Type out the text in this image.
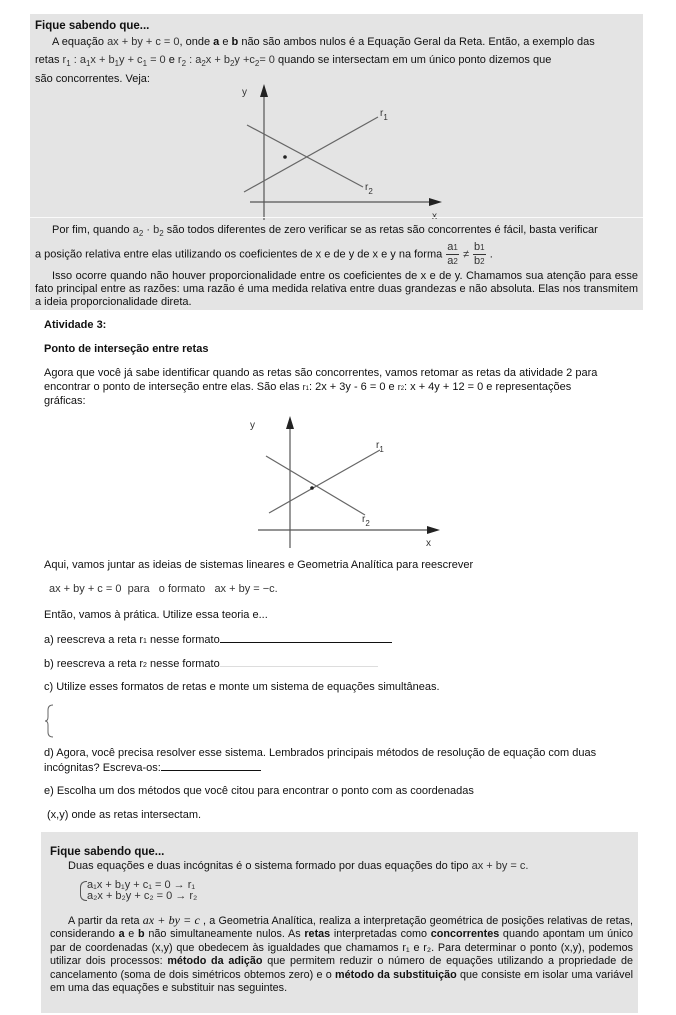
Fique sabendo que...
A equação ax + by + c = 0, onde a e b não são ambos nulos é a Equação Geral da Reta. Então, a exemplo das
retas $r_1$ : $a_1x + b_1y + c_1 = 0$ e $r_2$ : $a_2x + b_2y +c_2= 0$ quando se intersectam em um único ponto dizemos que
são concorrentes. Veja:
y
x
$r_1$
$r_2$
Por fim, quando $a_2 \cdot b_2$ são todos diferentes de zero verificar se as retas são concorrentes é fácil, basta verificar
a posição relativa entre elas utilizando os coeficientes de x e de y de x e y na forma $\frac{a1}{a2} \ne \frac{b1}{b2}$ .
Isso ocorre quando não houver proporcionalidade entre os coeficientes de x e de y. Chamamos sua atenção para esse fato principal entre as razões: uma razão é uma medida relativa entre duas grandezas e não absoluta. Elas nos transmitem a ideia proporcionalidade direta.
Atividade 3:
Ponto de interseção entre retas
Agora que você já sabe identificar quando as retas são concorrentes, vamos retomar as retas da atividade 2 para
encontrar o ponto de interseção entre elas. São elas r1: 2x + 3y - 6 = 0 e r2: x + 4y + 12 = 0 e representações
gráficas:
y
x
$r_1$
$r_2$
Aqui, vamos juntar as ideias de sistemas lineares e Geometria Analítica para reescrever
ax + by + c = 0 para o formato ax + by = −c.
Então, vamos à prática. Utilize essa teoria e...
a) reescreva a reta r1 nesse formato
b) reescreva a reta r2 nesse formato
c) Utilize esses formatos de retas e monte um sistema de equações simultâneas.
d) Agora, você precisa resolver esse sistema. Lembrados principais métodos de resolução de equação com duas
incógnitas? Escreva-os:
e) Escolha um dos métodos que você citou para encontrar o ponto com as coordenadas
(x,y) onde as retas intersectam.
Fique sabendo que...
Duas equações e duas incógnitas é o sistema formado por duas equações do tipo ax + by = c.
a₁x + b₁y + c₁ = 0 → r₁
a₂x + b₂y + c₂ = 0 → r₂
A partir da reta ax + by = c , a Geometria Analítica, realiza a interpretação geométrica de posições relativas de retas, considerando a e b não simultaneamente nulos. As retas interpretadas como concorrentes quando apontam um único par de coordenadas (x,y) que obedecem às igualdades que chamamos r₁ e r₂. Para determinar o ponto (x,y), podemos utilizar dois processos: método da adição que permitem reduzir o número de equações utilizando a propriedade de cancelamento (soma de dois simétricos obtemos zero) e o método da substituição que consiste em isolar uma variável em uma das equações e substituir nas seguintes.
